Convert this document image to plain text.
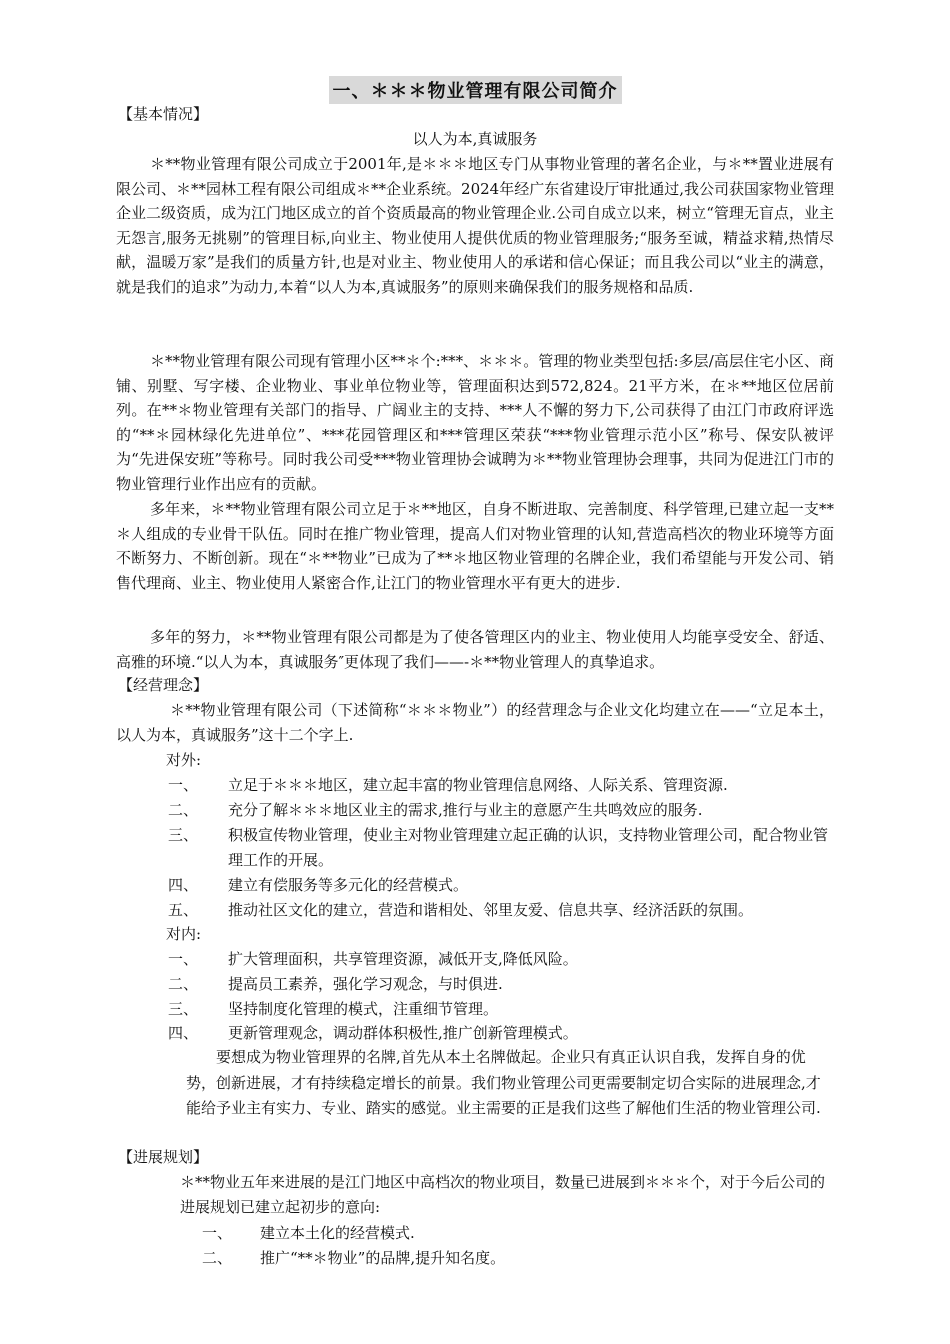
一、＊＊＊物业管理有限公司简介
【基本情况】
以人为本,真诚服务

＊**物业管理有限公司成立于2001年,是＊＊＊地区专门从事物业管理的著名企业，与＊**置业进展有限公司、＊**园林工程有限公司组成＊**企业系统。2024年经广东省建设厅审批通过,我公司获国家物业管理企业二级资质，成为江门地区成立的首个资质最高的物业管理企业.公司自成立以来，树立“管理无盲点，业主无怨言,服务无挑剔”的管理目标,向业主、物业使用人提供优质的物业管理服务;“服务至诚，精益求精,热情尽献，温暖万家”是我们的质量方针,也是对业主、物业使用人的承诺和信心保证；而且我公司以“业主的满意，就是我们的追求”为动力,本着“以人为本,真诚服务”的原则来确保我们的服务规格和品质.

＊**物业管理有限公司现有管理小区**＊个:***、＊＊＊。管理的物业类型包括:多层/高层住宅小区、商铺、别墅、写字楼、企业物业、事业单位物业等，管理面积达到572,824。21平方米，在＊**地区位居前列。在**＊物业管理有关部门的指导、广阔业主的支持、***人不懈的努力下,公司获得了由江门市政府评选的“**＊园林绿化先进单位”、***花园管理区和***管理区荣获“***物业管理示范小区”称号、保安队被评为“先进保安班”等称号。同时我公司受***物业管理协会诚聘为＊**物业管理协会理事，共同为促进江门市的物业管理行业作出应有的贡献。

多年来，＊**物业管理有限公司立足于＊**地区，自身不断进取、完善制度、科学管理,已建立起一支**＊人组成的专业骨干队伍。同时在推广物业管理，提高人们对物业管理的认知,营造高档次的物业环境等方面不断努力、不断创新。现在“＊**物业”已成为了**＊地区物业管理的名牌企业，我们希望能与开发公司、销售代理商、业主、物业使用人紧密合作,让江门的物业管理水平有更大的进步.

多年的努力，＊**物业管理有限公司都是为了使各管理区内的业主、物业使用人均能享受安全、舒适、高雅的环境.“以人为本，真诚服务″更体现了我们——-＊**物业管理人的真挚追求。

【经营理念】

＊**物业管理有限公司（下述简称“＊＊＊物业”）的经营理念与企业文化均建立在——“立足本土，以人为本，真诚服务”这十二个字上.

对外:
一、	立足于＊＊＊地区，建立起丰富的物业管理信息网络、人际关系、管理资源.
二、	充分了解＊＊＊地区业主的需求,推行与业主的意愿产生共鸣效应的服务.
三、	积极宣传物业管理，使业主对物业管理建立起正确的认识，支持物业管理公司，配合物业管理工作的开展。
四、	建立有偿服务等多元化的经营模式。
五、	推动社区文化的建立，营造和谐相处、邻里友爱、信息共享、经济活跃的氛围。
对内:
一、	扩大管理面积，共享管理资源，减低开支,降低风险。
二、	提高员工素养，强化学习观念，与时俱进.
三、	坚持制度化管理的模式，注重细节管理。
四、	更新管理观念，调动群体积极性,推广创新管理模式。

要想成为物业管理界的名牌,首先从本土名牌做起。企业只有真正认识自我，发挥自身的优势，创新进展，才有持续稳定增长的前景。我们物业管理公司更需要制定切合实际的进展理念,才能给予业主有实力、专业、踏实的感觉。业主需要的正是我们这些了解他们生活的物业管理公司.

【进展规划】

＊**物业五年来进展的是江门地区中高档次的物业项目，数量已进展到＊＊＊个，对于今后公司的进展规划已建立起初步的意向:

一、	建立本土化的经营模式.
二、	推广“**＊物业”的品牌,提升知名度。
